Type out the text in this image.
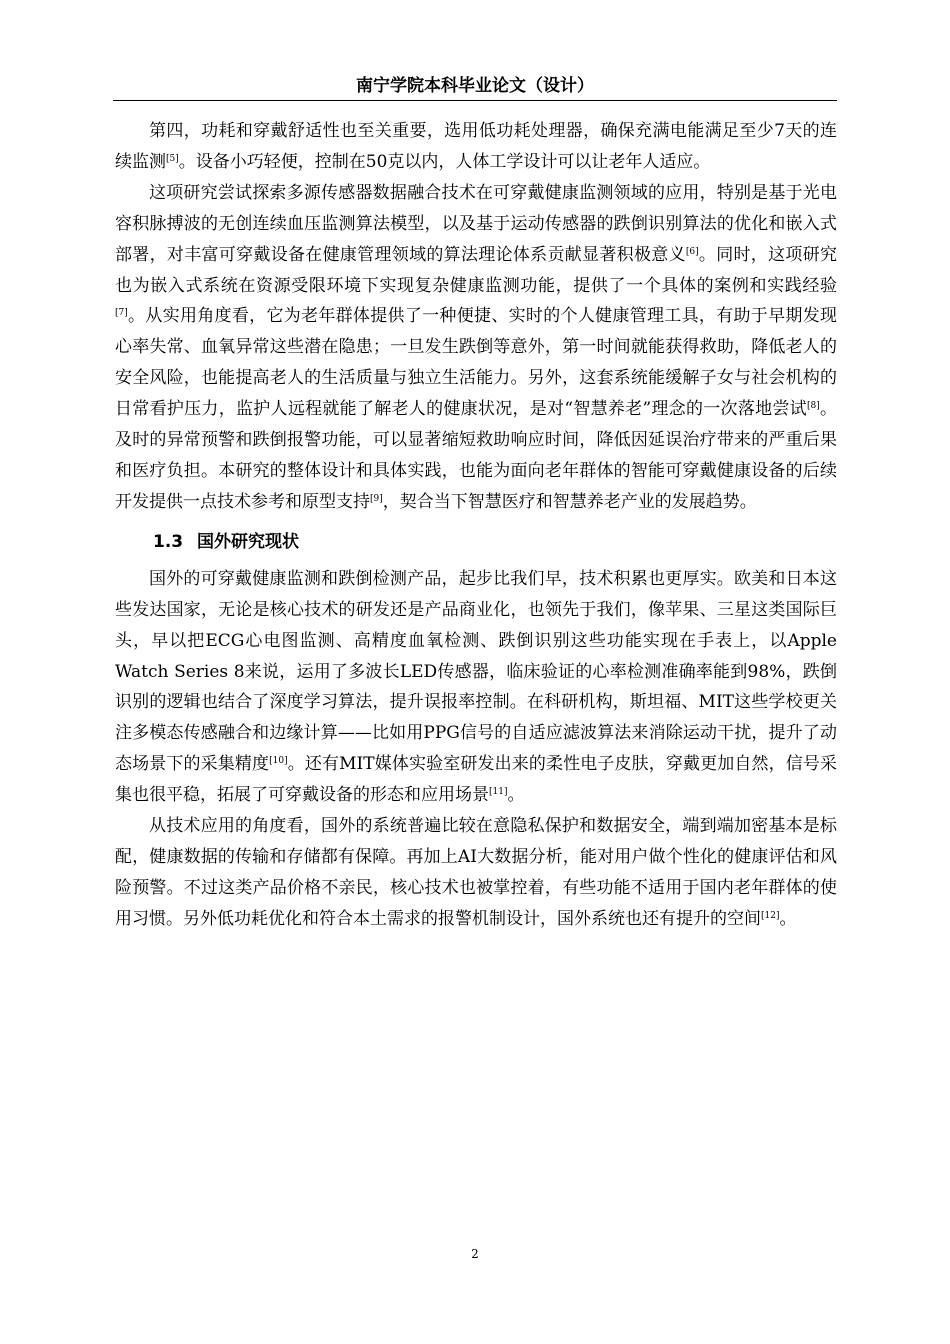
南宁学院本科毕业论文（设计）

第四，功耗和穿戴舒适性也至关重要，选用低功耗处理器，确保充满电能满足至少7天的连续监测[5]。设备小巧轻便，控制在50克以内，人体工学设计可以让老年人适应。

这项研究尝试探索多源传感器数据融合技术在可穿戴健康监测领域的应用，特别是基于光电容积脉搏波的无创连续血压监测算法模型，以及基于运动传感器的跌倒识别算法的优化和嵌入式部署，对丰富可穿戴设备在健康管理领域的算法理论体系贡献显著积极意义[6]。同时，这项研究也为嵌入式系统在资源受限环境下实现复杂健康监测功能，提供了一个具体的案例和实践经验[7]。从实用角度看，它为老年群体提供了一种便捷、实时的个人健康管理工具，有助于早期发现心率失常、血氧异常这些潜在隐患；一旦发生跌倒等意外，第一时间就能获得救助，降低老人的安全风险，也能提高老人的生活质量与独立生活能力。另外，这套系统能缓解子女与社会机构的日常看护压力，监护人远程就能了解老人的健康状况，是对“智慧养老”理念的一次落地尝试[8]。及时的异常预警和跌倒报警功能，可以显著缩短救助响应时间，降低因延误治疗带来的严重后果和医疗负担。本研究的整体设计和具体实践，也能为面向老年群体的智能可穿戴健康设备的后续开发提供一点技术参考和原型支持[9]，契合当下智慧医疗和智慧养老产业的发展趋势。

1.3 国外研究现状

国外的可穿戴健康监测和跌倒检测产品，起步比我们早，技术积累也更厚实。欧美和日本这些发达国家，无论是核心技术的研发还是产品商业化，也领先于我们，像苹果、三星这类国际巨头，早以把ECG心电图监测、高精度血氧检测、跌倒识别这些功能实现在手表上，以Apple Watch Series 8来说，运用了多波长LED传感器，临床验证的心率检测准确率能到98%，跌倒识别的逻辑也结合了深度学习算法，提升误报率控制。在科研机构，斯坦福、MIT这些学校更关注多模态传感融合和边缘计算——比如用PPG信号的自适应滤波算法来消除运动干扰，提升了动态场景下的采集精度[10]。还有MIT媒体实验室研发出来的柔性电子皮肤，穿戴更加自然，信号采集也很平稳，拓展了可穿戴设备的形态和应用场景[11]。

从技术应用的角度看，国外的系统普遍比较在意隐私保护和数据安全，端到端加密基本是标配，健康数据的传输和存储都有保障。再加上AI大数据分析，能对用户做个性化的健康评估和风险预警。不过这类产品价格不亲民，核心技术也被掌控着，有些功能不适用于国内老年群体的使用习惯。另外低功耗优化和符合本土需求的报警机制设计，国外系统也还有提升的空间[12]。

2
